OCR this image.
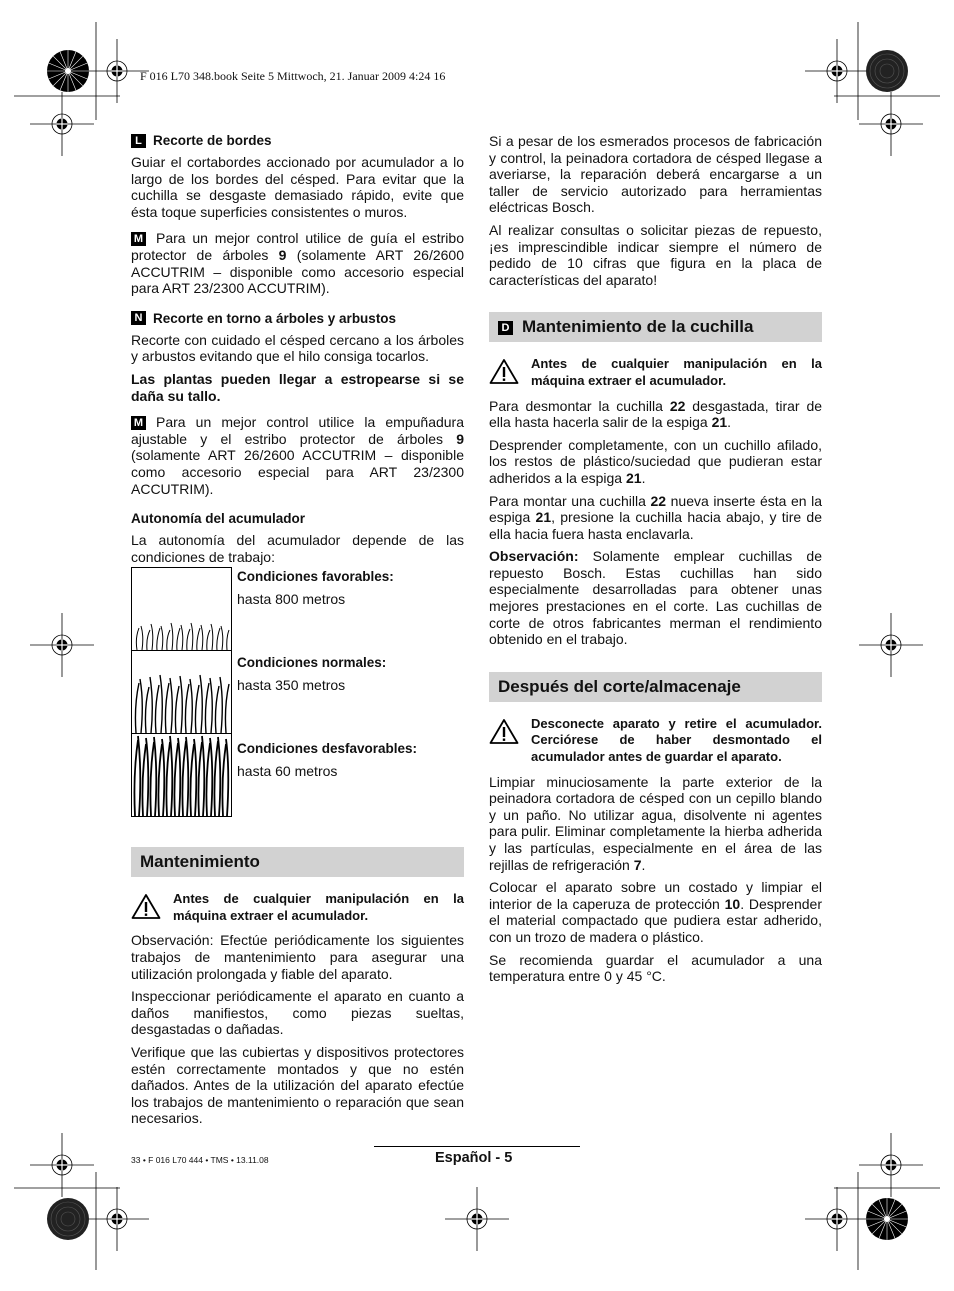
F 016 L70 348.book Seite 5 Mittwoch, 21. Januar 2009 4:24 16
L Recorte de bordes

Guiar el cortabordes accionado por acumulador a lo largo de los bordes del césped. Para evitar que la cuchilla se desgaste demasiado rápido, evite que ésta toque superficies consistentes o muros.

M Para un mejor control utilice de guía el estribo protector de árboles 9 (solamente ART 26/2600 ACCUTRIM – disponible como accesorio especial para ART 23/2300 ACCUTRIM).

N Recorte en torno a árboles y arbustos

Recorte con cuidado el césped cercano a los árboles y arbustos evitando que el hilo consiga tocarlos.

Las plantas pueden llegar a estropearse si se daña su tallo.

M Para un mejor control utilice la empuñadura ajustable y el estribo protector de árboles 9 (solamente ART 26/2600 ACCUTRIM – disponible como accesorio especial para ART 23/2300 ACCUTRIM).

Autonomía del acumulador

La autonomía del acumulador depende de las condiciones de trabajo:

Condiciones favorables:
hasta 800 metros
Condiciones normales:
hasta 350 metros
Condiciones desfavorables:
hasta 60 metros
Mantenimiento
Antes de cualquier manipulación en la máquina extraer el acumulador.

Observación: Efectúe periódicamente los siguientes trabajos de mantenimiento para asegurar una utilización prolongada y fiable del aparato.

Inspeccionar periódicamente el aparato en cuanto a daños manifiestos, como piezas sueltas, desgastadas o dañadas.

Verifique que las cubiertas y dispositivos protectores estén correctamente montados y que no estén dañados. Antes de la utilización del aparato efectúe los trabajos de mantenimiento o reparación que sean necesarios.

Si a pesar de los esmerados procesos de fabricación y control, la peinadora cortadora de césped llegase a averiarse, la reparación deberá encargarse a un taller de servicio autorizado para herramientas eléctricas Bosch.

Al realizar consultas o solicitar piezas de repuesto, ¡es imprescindible indicar siempre el número de pedido de 10 cifras que figura en la placa de características del aparato!

D Mantenimiento de la cuchilla
Antes de cualquier manipulación en la máquina extraer el acumulador.

Para desmontar la cuchilla 22 desgastada, tirar de ella hasta hacerla salir de la espiga 21.

Desprender completamente, con un cuchillo afilado, los restos de plástico/suciedad que pudieran estar adheridos a la espiga 21.

Para montar una cuchilla 22 nueva inserte ésta en la espiga 21, presione la cuchilla hacia abajo, y tire de ella hacia fuera hasta enclavarla.

Observación: Solamente emplear cuchillas de repuesto Bosch. Estas cuchillas han sido especialmente desarrolladas para obtener unas mejores prestaciones en el corte. Las cuchillas de corte de otros fabricantes merman el rendimiento obtenido en el trabajo.

Después del corte/almacenaje
Desconecte aparato y retire el acumulador. Cerciórese de haber desmontado el acumulador antes de guardar el aparato.

Limpiar minuciosamente la parte exterior de la peinadora cortadora de césped con un cepillo blando y un paño. No utilizar agua, disolvente ni agentes para pulir. Eliminar completamente la hierba adherida y las partículas, especialmente en el área de las rejillas de refrigeración 7.

Colocar el aparato sobre un costado y limpiar el interior de la caperuza de protección 10. Desprender el material compactado que pudiera estar adherido, con un trozo de madera o plástico.

Se recomienda guardar el acumulador a una temperatura entre 0 y 45 °C.

33 • F 016 L70 444 • TMS • 13.11.08	Español - 5
